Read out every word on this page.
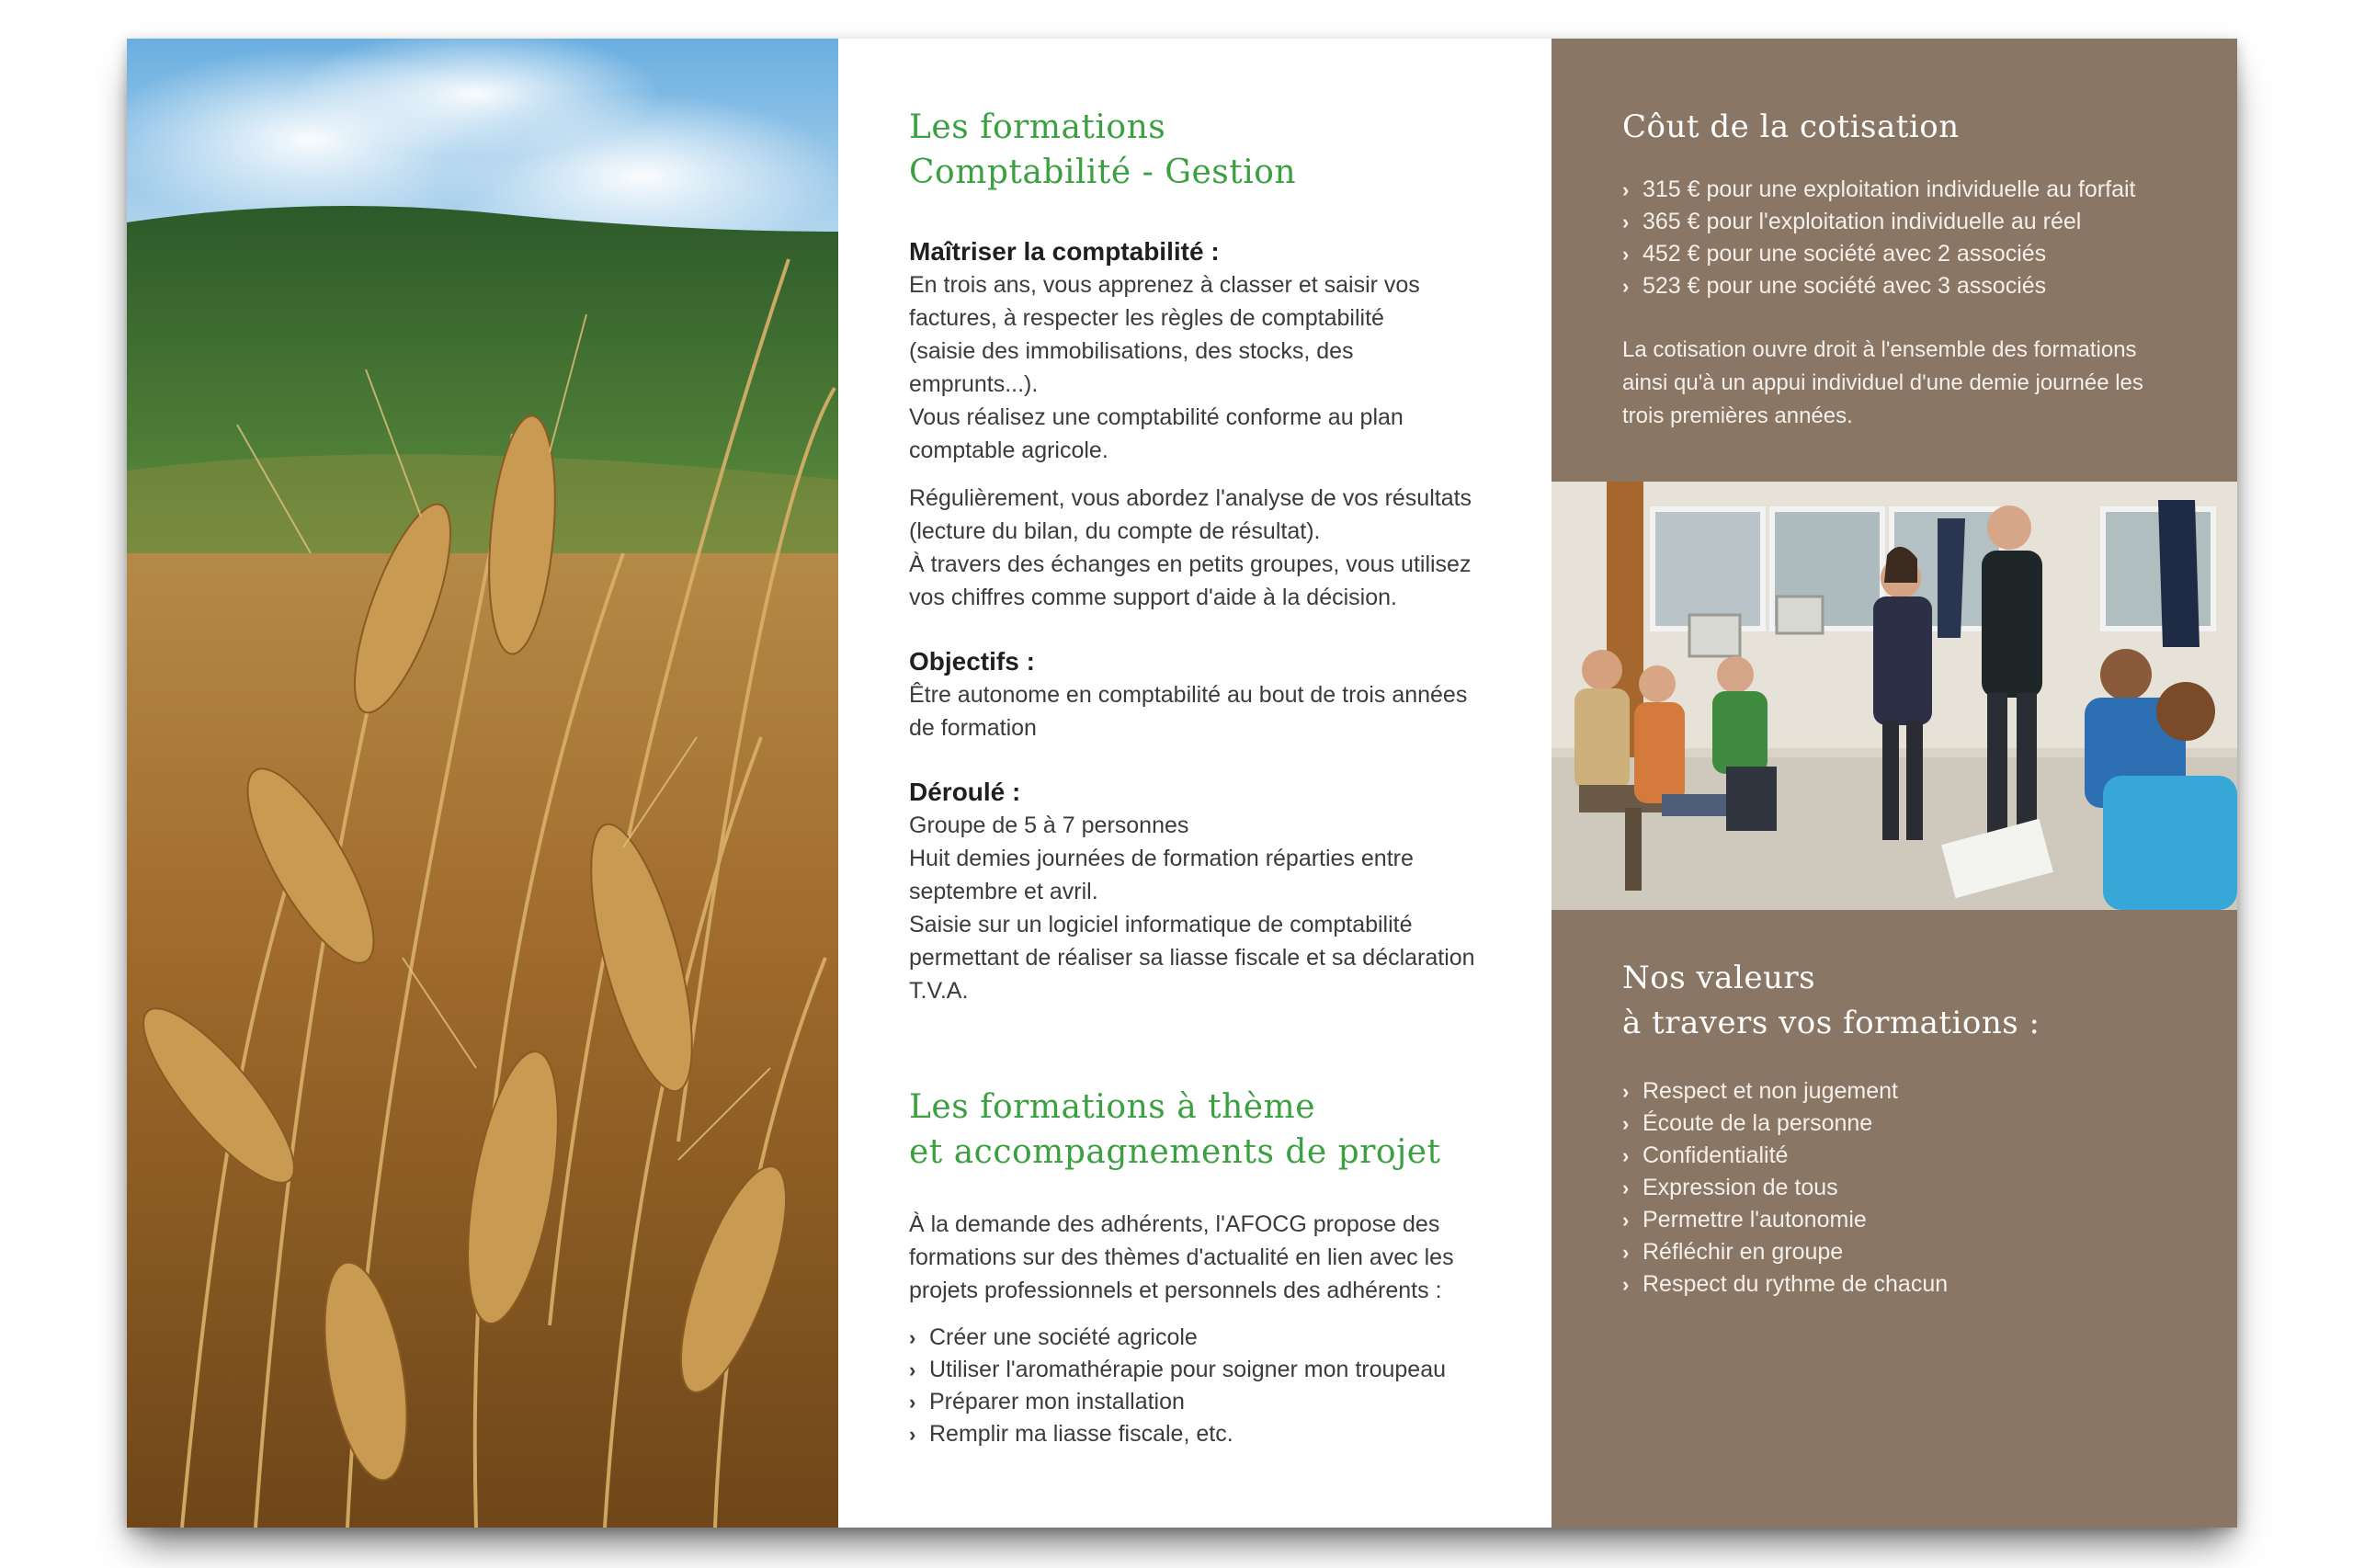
Les formations
Comptabilité - Gestion

Maîtriser la comptabilité :

En trois ans, vous apprenez à classer et saisir vos
factures, à respecter les règles de comptabilité
(saisie des immobilisations, des stocks, des emprunts...).
Vous réalisez une comptabilité conforme au plan
comptable agricole.

Régulièrement, vous abordez l'analyse de vos résultats
(lecture du bilan, du compte de résultat).
À travers des échanges en petits groupes, vous utilisez
vos chiffres comme support d'aide à la décision.

Objectifs :

Être autonome en comptabilité au bout de trois années
de formation

Déroulé :

Groupe de 5 à 7 personnes
Huit demies journées de formation réparties entre
septembre et avril.
Saisie sur un logiciel informatique de comptabilité
permettant de réaliser sa liasse fiscale et sa déclaration
T.V.A.

Les formations à thème
et accompagnements de projet

À la demande des adhérents, l'AFOCG propose des
formations sur des thèmes d'actualité en lien avec les
projets professionnels et personnels des adhérents :

› Créer une société agricole
› Utiliser l'aromathérapie pour soigner mon troupeau
› Préparer mon installation
› Remplir ma liasse fiscale, etc.
Côut de la cotisation
› 315 € pour une exploitation individuelle au forfait
› 365 € pour l'exploitation individuelle au réel
› 452 € pour une société avec 2 associés
› 523 € pour une société avec 3 associés

La cotisation ouvre droit à l'ensemble des formations
ainsi qu'à un appui individuel d'une demie journée les
trois premières années.

Nos valeurs
à travers vos formations :
› Respect et non jugement
› Écoute de la personne
› Confidentialité
› Expression de tous
› Permettre l'autonomie
› Réfléchir en groupe
› Respect du rythme de chacun
